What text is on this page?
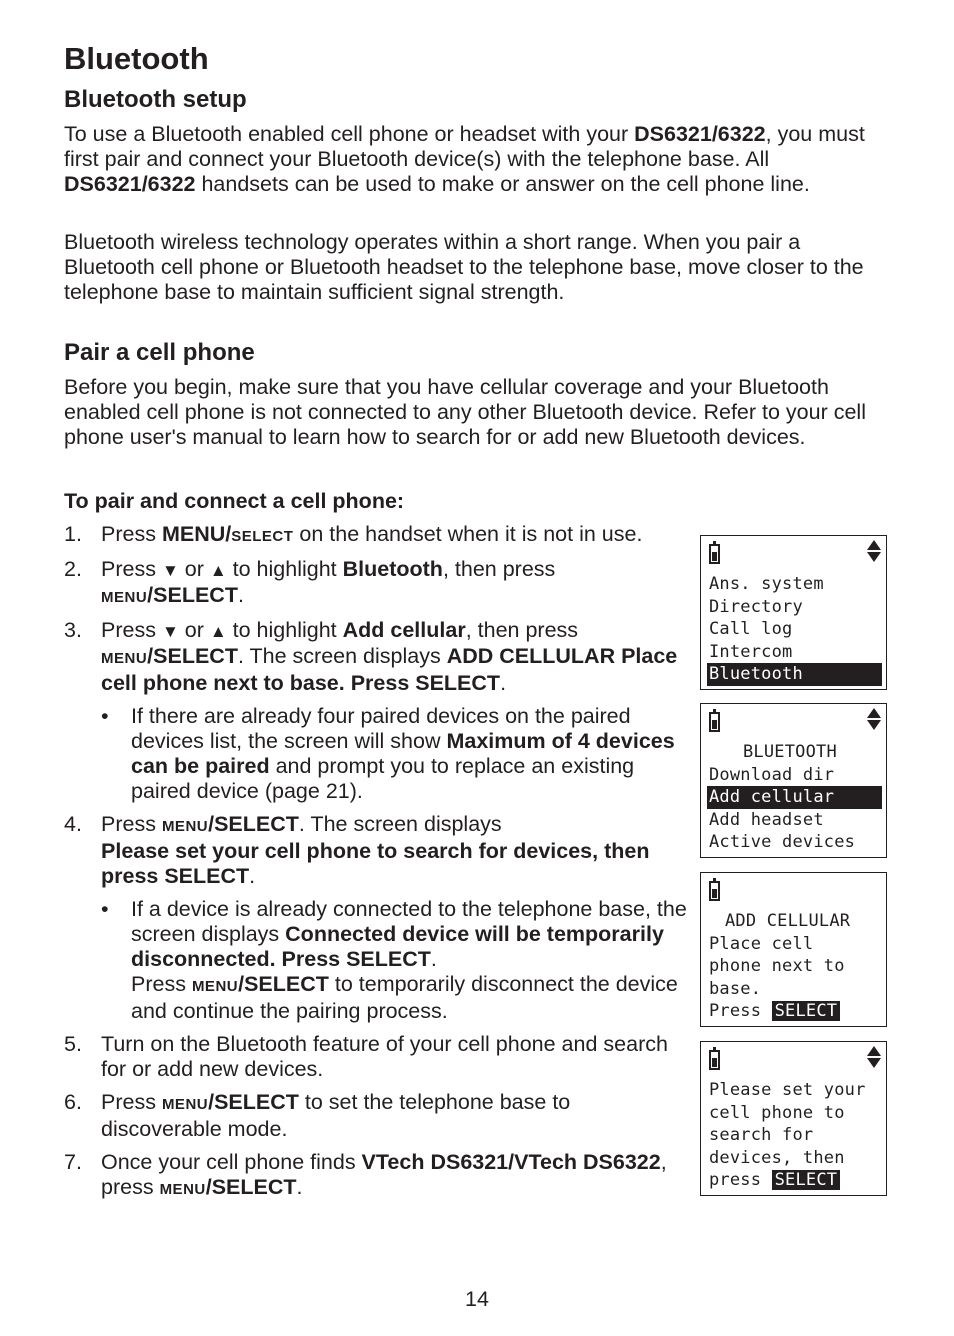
Bluetooth
Bluetooth setup

To use a Bluetooth enabled cell phone or headset with your DS6321/6322, you must first pair and connect your Bluetooth device(s) with the telephone base. All DS6321/6322 handsets can be used to make or answer on the cell phone line.

Bluetooth wireless technology operates within a short range. When you pair a Bluetooth cell phone or Bluetooth headset to the telephone base, move closer to the telephone base to maintain sufficient signal strength.

Pair a cell phone

Before you begin, make sure that you have cellular coverage and your Bluetooth enabled cell phone is not connected to any other Bluetooth device. Refer to your cell phone user's manual to learn how to search for or add new Bluetooth devices.

To pair and connect a cell phone:
1. Press MENU/SELECT on the handset when it is not in use.
2. Press ▼ or ▲ to highlight Bluetooth, then press
MENU/SELECT.
3. Press ▼ or ▲ to highlight Add cellular, then press
MENU/SELECT. The screen displays ADD CELLULAR Place cell phone next to base. Press SELECT.
• If there are already four paired devices on the paired devices list, the screen will show Maximum of 4 devices can be paired and prompt you to replace an existing paired device (page 21).
4. Press MENU/SELECT. The screen displays
Please set your cell phone to search for devices, then press SELECT.
• If a device is already connected to the telephone base, the screen displays Connected device will be temporarily disconnected. Press SELECT.
Press MENU/SELECT to temporarily disconnect the device and continue the pairing process.
5. Turn on the Bluetooth feature of your cell phone and search for or add new devices.
6. Press MENU/SELECT to set the telephone base to discoverable mode.
7. Once your cell phone finds VTech DS6321/VTech DS6322, press MENU/SELECT.
Ans. system
Directory
Call log
Intercom
Bluetooth
BLUETOOTH
Download dir
Add cellular
Add headset
Active devices
ADD CELLULAR
Place cell
phone next to
base.
Press SELECT
Please set your
cell phone to
search for
devices, then
press SELECT
14
